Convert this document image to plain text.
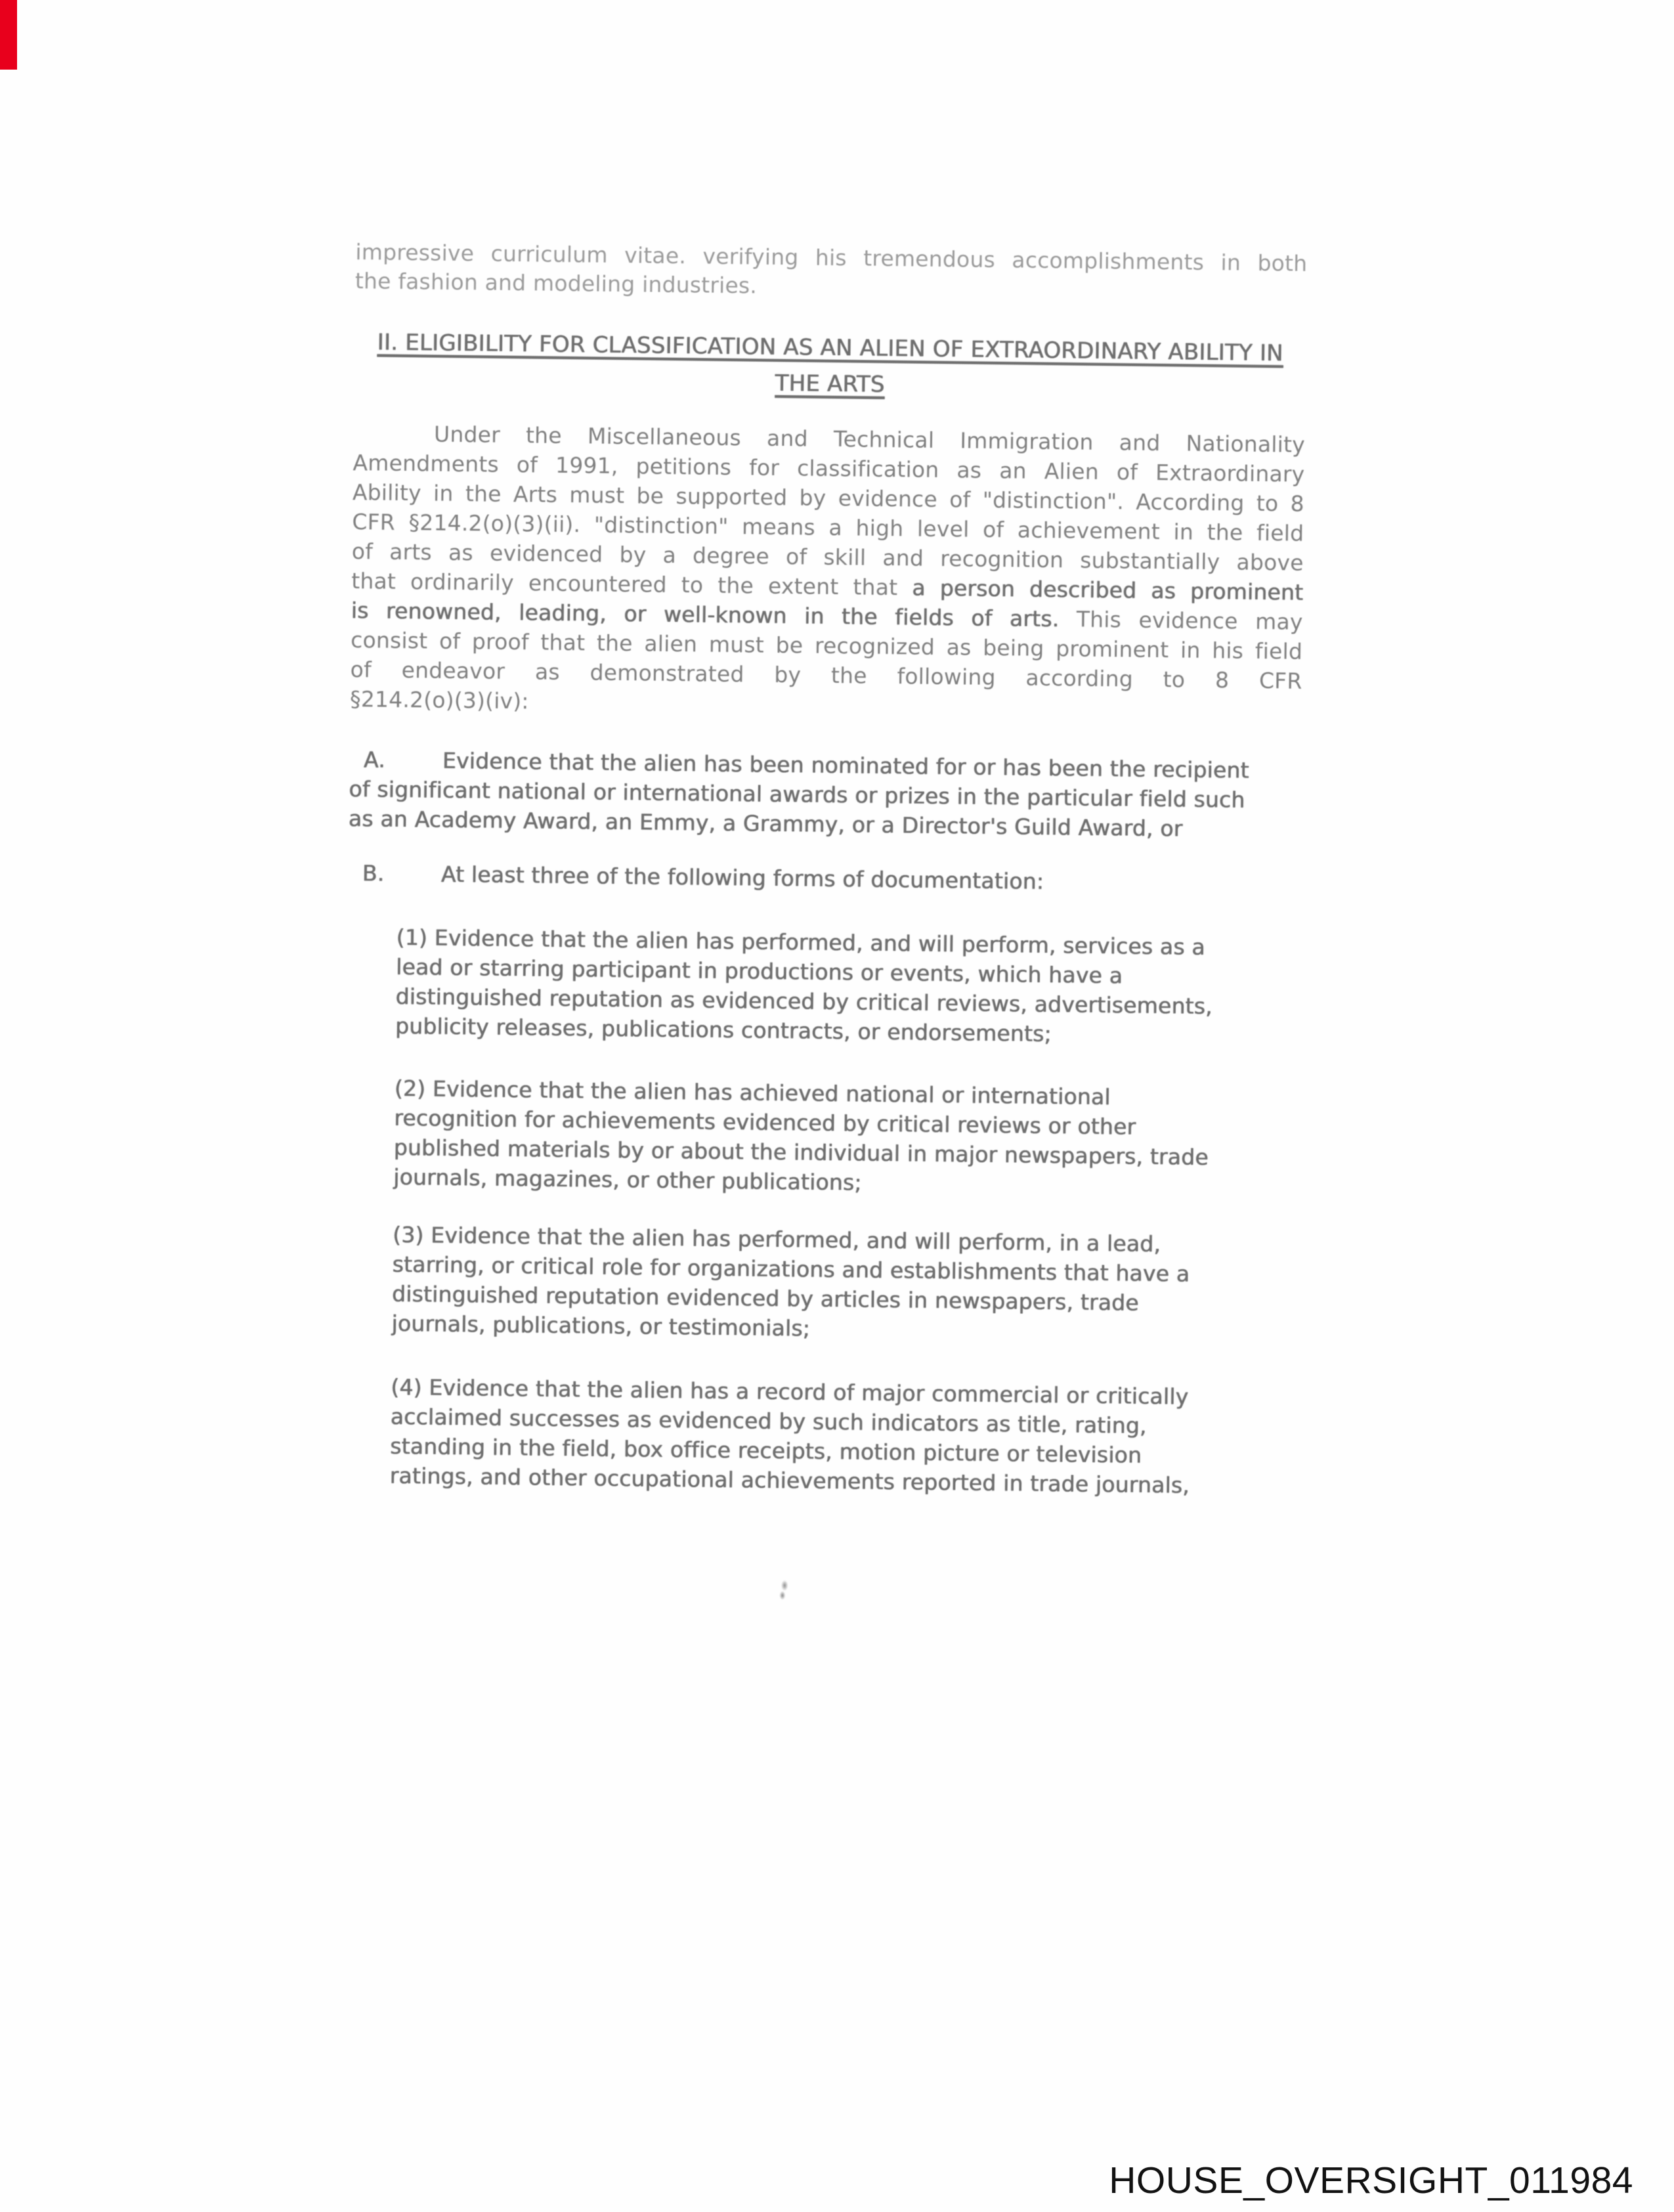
impressive curriculum vitae. verifying his tremendous accomplishments in both
the fashion and modeling industries.
II. ELIGIBILITY FOR CLASSIFICATION AS AN ALIEN OF EXTRAORDINARY ABILITY IN
THE ARTS
Under the Miscellaneous and Technical Immigration and Nationality
Amendments of 1991, petitions for classification as an Alien of Extraordinary
Ability in the Arts must be supported by evidence of "distinction". According to 8
CFR §214.2(o)(3)(ii). "distinction" means a high level of achievement in the field
of arts as evidenced by a degree of skill and recognition substantially above
that ordinarily encountered to the extent that a person described as prominent
is renowned, leading, or well-known in the fields of arts. This evidence may
consist of proof that the alien must be recognized as being prominent in his field
of endeavor as demonstrated by the following according to 8 CFR
§214.2(o)(3)(iv):
A.	Evidence that the alien has been nominated for or has been the recipient
of significant national or international awards or prizes in the particular field such
as an Academy Award, an Emmy, a Grammy, or a Director's Guild Award, or
B.	At least three of the following forms of documentation:
(1) Evidence that the alien has performed, and will perform, services as a
lead or starring participant in productions or events, which have a
distinguished reputation as evidenced by critical reviews, advertisements,
publicity releases, publications contracts, or endorsements;
(2) Evidence that the alien has achieved national or international
recognition for achievements evidenced by critical reviews or other
published materials by or about the individual in major newspapers, trade
journals, magazines, or other publications;
(3) Evidence that the alien has performed, and will perform, in a lead,
starring, or critical role for organizations and establishments that have a
distinguished reputation evidenced by articles in newspapers, trade
journals, publications, or testimonials;
(4) Evidence that the alien has a record of major commercial or critically
acclaimed successes as evidenced by such indicators as title, rating,
standing in the field, box office receipts, motion picture or television
ratings, and other occupational achievements reported in trade journals,
HOUSE_OVERSIGHT_011984
